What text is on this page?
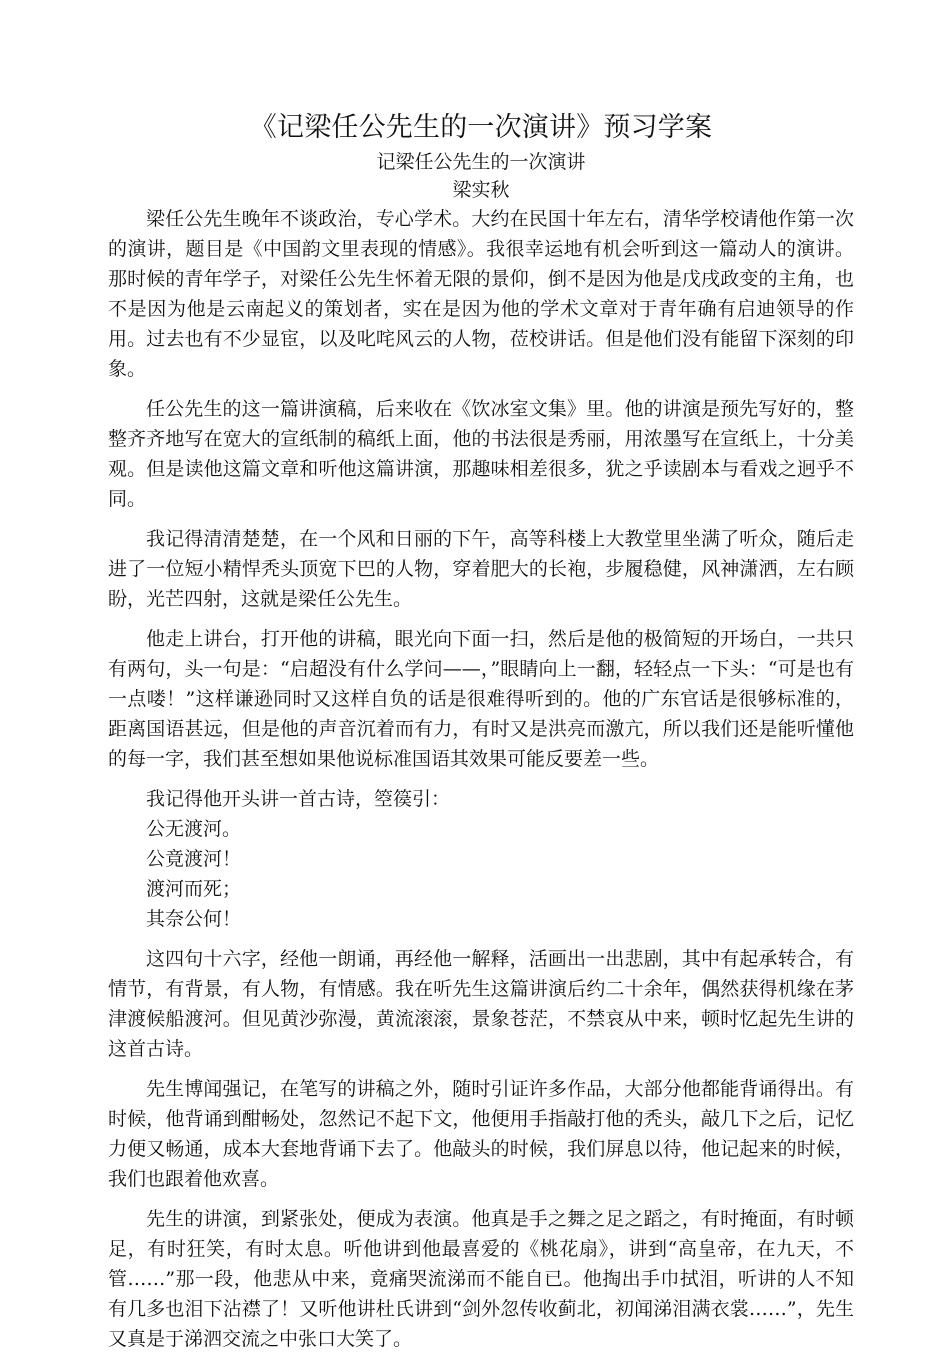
《记梁任公先生的一次演讲》预习学案
记梁任公先生的一次演讲
梁实秋

梁任公先生晚年不谈政治，专心学术。大约在民国十年左右，清华学校请他作第一次的演讲，题目是《中国韵文里表现的情感》。我很幸运地有机会听到这一篇动人的演讲。那时候的青年学子，对梁任公先生怀着无限的景仰，倒不是因为他是戊戌政变的主角，也不是因为他是云南起义的策划者，实在是因为他的学术文章对于青年确有启迪领导的作用。过去也有不少显宦，以及叱咤风云的人物，莅校讲话。但是他们没有能留下深刻的印象。

任公先生的这一篇讲演稿，后来收在《饮冰室文集》里。他的讲演是预先写好的，整整齐齐地写在宽大的宣纸制的稿纸上面，他的书法很是秀丽，用浓墨写在宣纸上，十分美观。但是读他这篇文章和听他这篇讲演，那趣味相差很多，犹之乎读剧本与看戏之迥乎不同。

我记得清清楚楚，在一个风和日丽的下午，高等科楼上大教堂里坐满了听众，随后走进了一位短小精悍秃头顶宽下巴的人物，穿着肥大的长袍，步履稳健，风神潇洒，左右顾盼，光芒四射，这就是梁任公先生。

他走上讲台，打开他的讲稿，眼光向下面一扫，然后是他的极简短的开场白，一共只有两句，头一句是：“启超没有什么学问——，”眼睛向上一翻，轻轻点一下头：“可是也有一点喽！”这样谦逊同时又这样自负的话是很难得听到的。他的广东官话是很够标准的，距离国语甚远，但是他的声音沉着而有力，有时又是洪亮而激亢，所以我们还是能听懂他的每一字，我们甚至想如果他说标准国语其效果可能反要差一些。

我记得他开头讲一首古诗，箜篌引：

公无渡河。

公竟渡河！

渡河而死；

其奈公何！

这四句十六字，经他一朗诵，再经他一解释，活画出一出悲剧，其中有起承转合，有情节，有背景，有人物，有情感。我在听先生这篇讲演后约二十余年，偶然获得机缘在茅津渡候船渡河。但见黄沙弥漫，黄流滚滚，景象苍茫，不禁哀从中来，顿时忆起先生讲的这首古诗。

先生博闻强记，在笔写的讲稿之外，随时引证许多作品，大部分他都能背诵得出。有时候，他背诵到酣畅处，忽然记不起下文，他便用手指敲打他的秃头，敲几下之后，记忆力便又畅通，成本大套地背诵下去了。他敲头的时候，我们屏息以待，他记起来的时候，我们也跟着他欢喜。

先生的讲演，到紧张处，便成为表演。他真是手之舞之足之蹈之，有时掩面，有时顿足，有时狂笑，有时太息。听他讲到他最喜爱的《桃花扇》，讲到“高皇帝，在九天，不管……”那一段，他悲从中来，竟痛哭流涕而不能自已。他掏出手巾拭泪，听讲的人不知有几多也泪下沾襟了！又听他讲杜氏讲到“剑外忽传收蓟北，初闻涕泪满衣裳……”，先生又真是于涕泗交流之中张口大笑了。
